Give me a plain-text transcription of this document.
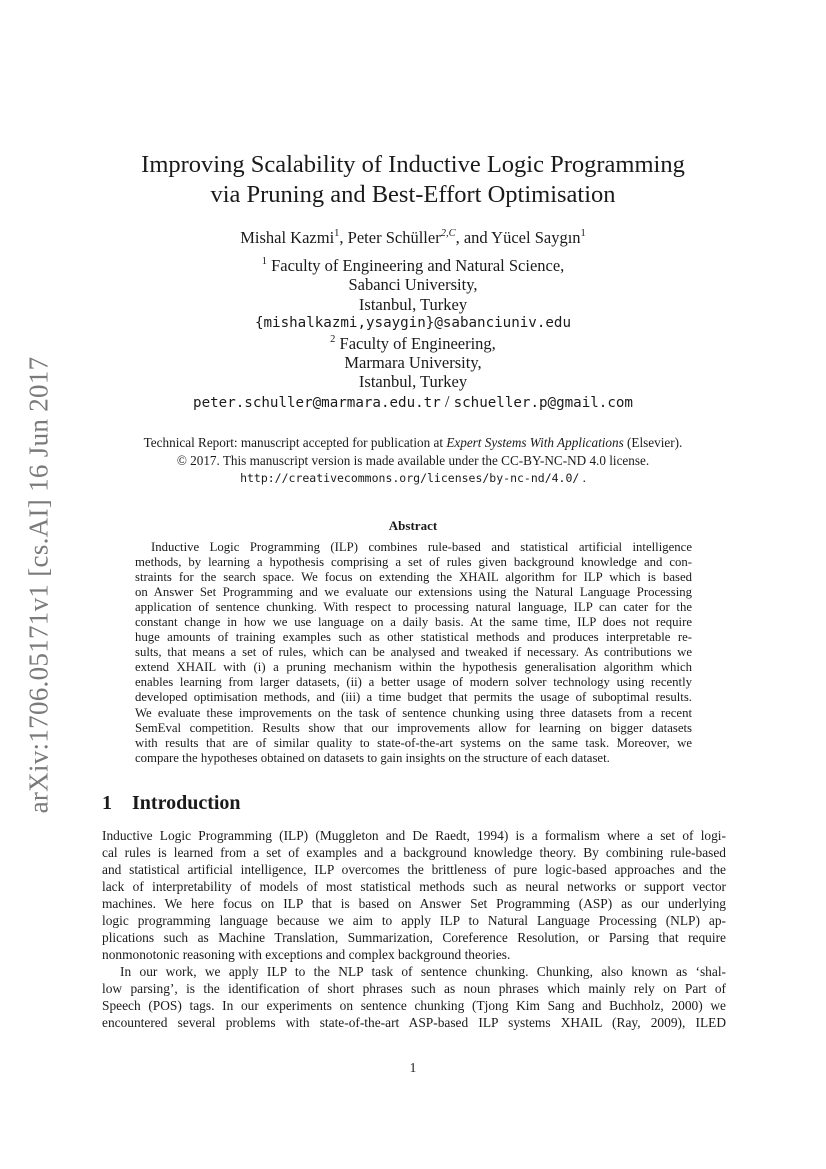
arXiv:1706.05171v1 [cs.AI] 16 Jun 2017
Improving Scalability of Inductive Logic Programming
via Pruning and Best-Effort Optimisation
Mishal Kazmi$^1$, Peter Schüller$^{2,C}$, and Yücel Saygın$^1$
$^1$ Faculty of Engineering and Natural Science,
Sabanci University,
Istanbul, Turkey
{mishalkazmi,ysaygin}@sabanciuniv.edu
$^2$ Faculty of Engineering,
Marmara University,
Istanbul, Turkey
peter.schuller@marmara.edu.tr / schueller.p@gmail.com
Technical Report: manuscript accepted for publication at Expert Systems With Applications (Elsevier).
© 2017. This manuscript version is made available under the CC-BY-NC-ND 4.0 license.
http://creativecommons.org/licenses/by-nc-nd/4.0/ .
Abstract
Inductive Logic Programming (ILP) combines rule-based and statistical artificial intelligence
methods, by learning a hypothesis comprising a set of rules given background knowledge and con-
straints for the search space. We focus on extending the XHAIL algorithm for ILP which is based
on Answer Set Programming and we evaluate our extensions using the Natural Language Processing
application of sentence chunking. With respect to processing natural language, ILP can cater for the
constant change in how we use language on a daily basis. At the same time, ILP does not require
huge amounts of training examples such as other statistical methods and produces interpretable re-
sults, that means a set of rules, which can be analysed and tweaked if necessary. As contributions we
extend XHAIL with (i) a pruning mechanism within the hypothesis generalisation algorithm which
enables learning from larger datasets, (ii) a better usage of modern solver technology using recently
developed optimisation methods, and (iii) a time budget that permits the usage of suboptimal results.
We evaluate these improvements on the task of sentence chunking using three datasets from a recent
SemEval competition. Results show that our improvements allow for learning on bigger datasets
with results that are of similar quality to state-of-the-art systems on the same task. Moreover, we
compare the hypotheses obtained on datasets to gain insights on the structure of each dataset.
1 Introduction
Inductive Logic Programming (ILP) (Muggleton and De Raedt, 1994) is a formalism where a set of logi-
cal rules is learned from a set of examples and a background knowledge theory. By combining rule-based
and statistical artificial intelligence, ILP overcomes the brittleness of pure logic-based approaches and the
lack of interpretability of models of most statistical methods such as neural networks or support vector
machines. We here focus on ILP that is based on Answer Set Programming (ASP) as our underlying
logic programming language because we aim to apply ILP to Natural Language Processing (NLP) ap-
plications such as Machine Translation, Summarization, Coreference Resolution, or Parsing that require
nonmonotonic reasoning with exceptions and complex background theories.
In our work, we apply ILP to the NLP task of sentence chunking. Chunking, also known as ‘shal-
low parsing’, is the identification of short phrases such as noun phrases which mainly rely on Part of
Speech (POS) tags. In our experiments on sentence chunking (Tjong Kim Sang and Buchholz, 2000) we
encountered several problems with state-of-the-art ASP-based ILP systems XHAIL (Ray, 2009), ILED
1
